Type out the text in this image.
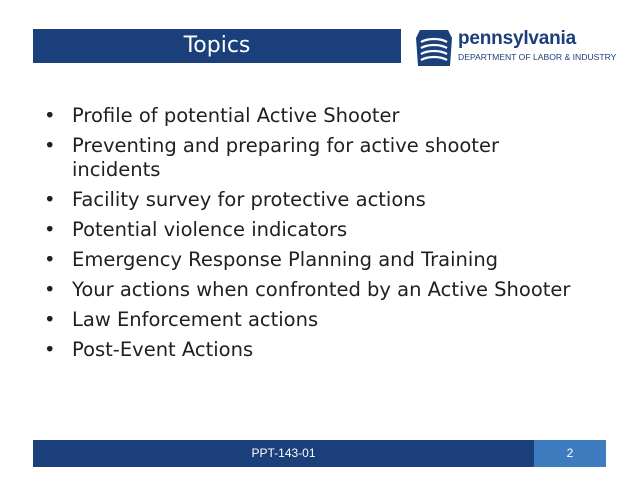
Topics	pennsylvania
DEPARTMENT OF LABOR & INDUSTRY
• Profile of potential Active Shooter
• Preventing and preparing for active shooter incidents
• Facility survey for protective actions
• Potential violence indicators
• Emergency Response Planning and Training
• Your actions when confronted by an Active Shooter
• Law Enforcement actions
• Post-Event Actions
PPT-143-01	2
